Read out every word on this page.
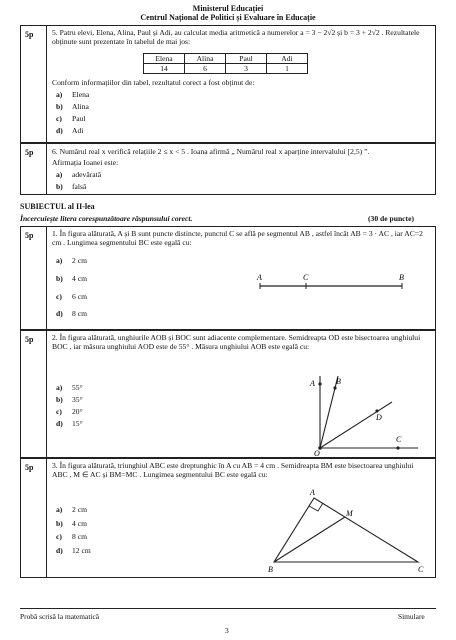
Ministerul Educației
Centrul Național de Politici și Evaluare în Educație
5p 5. Patru elevi, Elena, Alina, Paul și Adi, au calculat media aritmetică a numerelor a = 3 − 2√2 și b = 3 + 2√2 . Rezultatele obținute sunt prezentate în tabelul de mai jos:
Elena	Alina	Paul	Adi
14	6	3	1
Conform informațiilor din tabel, rezultatul corect a fost obținut de:
a) Elena
b) Alina
c) Paul
d) Adi
5p 6. Numărul real x verifică relațiile 2 ≤ x < 5 . Ioana afirmă „ Numărul real x aparține intervalului [2,5) ”.
Afirmația Ioanei este:
a) adevărată
b) falsă
SUBIECTUL al II-lea
Încercuiește litera corespunzătoare răspunsului corect.	(30 de puncte)
5p 1. În figura alăturată, A și B sunt puncte distincte, punctul C se află pe segmentul AB , astfel încât AB = 3 · AC , iar AC=2 cm . Lungimea segmentului BC este egală cu:
a) 2 cm
b) 4 cm
c) 6 cm
d) 8 cm
A	C	B
5p 2. În figura alăturată, unghiurile AOB și BOC sunt adiacente complementare. Semidreapta OD este bisectoarea unghiului BOC , iar măsura unghiului AOD este de 55° . Măsura unghiului AOB este egală cu:
a) 55°
b) 35°
c) 20°
d) 15°
A	B
D
O
C
5p 3. În figura alăturată, triunghiul ABC este dreptunghic în A cu AB = 4 cm . Semidreapta BM este bisectoarea unghiului ABC , M ∈ AC și BM=MC . Lungimea segmentului BC este egală cu:
a) 2 cm
b) 4 cm
c) 8 cm
d) 12 cm
A
M
B	C
Probă scrisă la matematică	Simulare
3
